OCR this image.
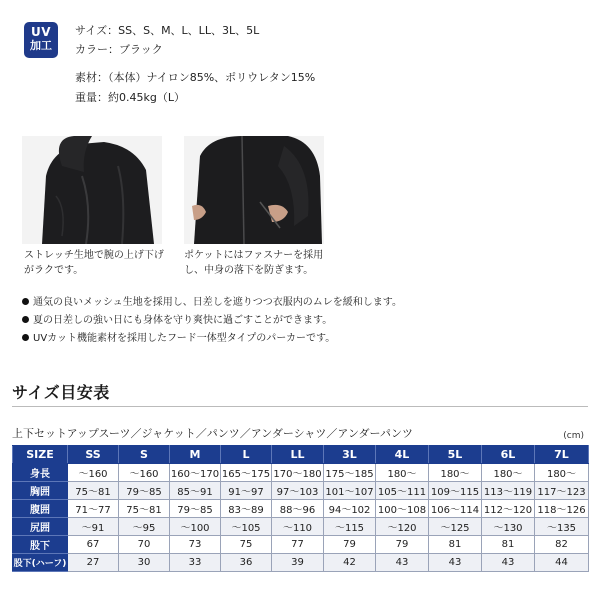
UV
加工
サイズ：SS、S、M、L、LL、3L、5L
カラー：ブラック
素材：（本体）ナイロン85%、ポリウレタン15%
重量：約0.45kg（L）
ストレッチ生地で腕の上げ下げ
がラクです。
ポケットにはファスナーを採用
し、中身の落下を防ぎます。
通気の良いメッシュ生地を採用し、日差しを遮りつつ衣服内のムレを緩和します。
夏の日差しの強い日にも身体を守り爽快に過ごすことができます。
UVカット機能素材を採用したフード一体型タイプのパーカーです。
サイズ目安表
上下セットアップスーツ／ジャケット／パンツ／アンダーシャツ／アンダーパンツ	(cm)
SIZE	SS	S	M	L	LL	3L	4L	5L	6L	7L
身長	～160	～160	160～170	165～175	170～180	175～185	180～	180～	180～	180～
胸囲	75～81	79～85	85～91	91～97	97～103	101～107	105～111	109～115	113～119	117～123
腹囲	71～77	75～81	79～85	83～89	88～96	94～102	100～108	106～114	112～120	118～126
尻囲	～91	～95	～100	～105	～110	～115	～120	～125	～130	～135
股下	67	70	73	75	77	79	79	81	81	82
股下(ハーフ)	27	30	33	36	39	42	43	43	43	44
